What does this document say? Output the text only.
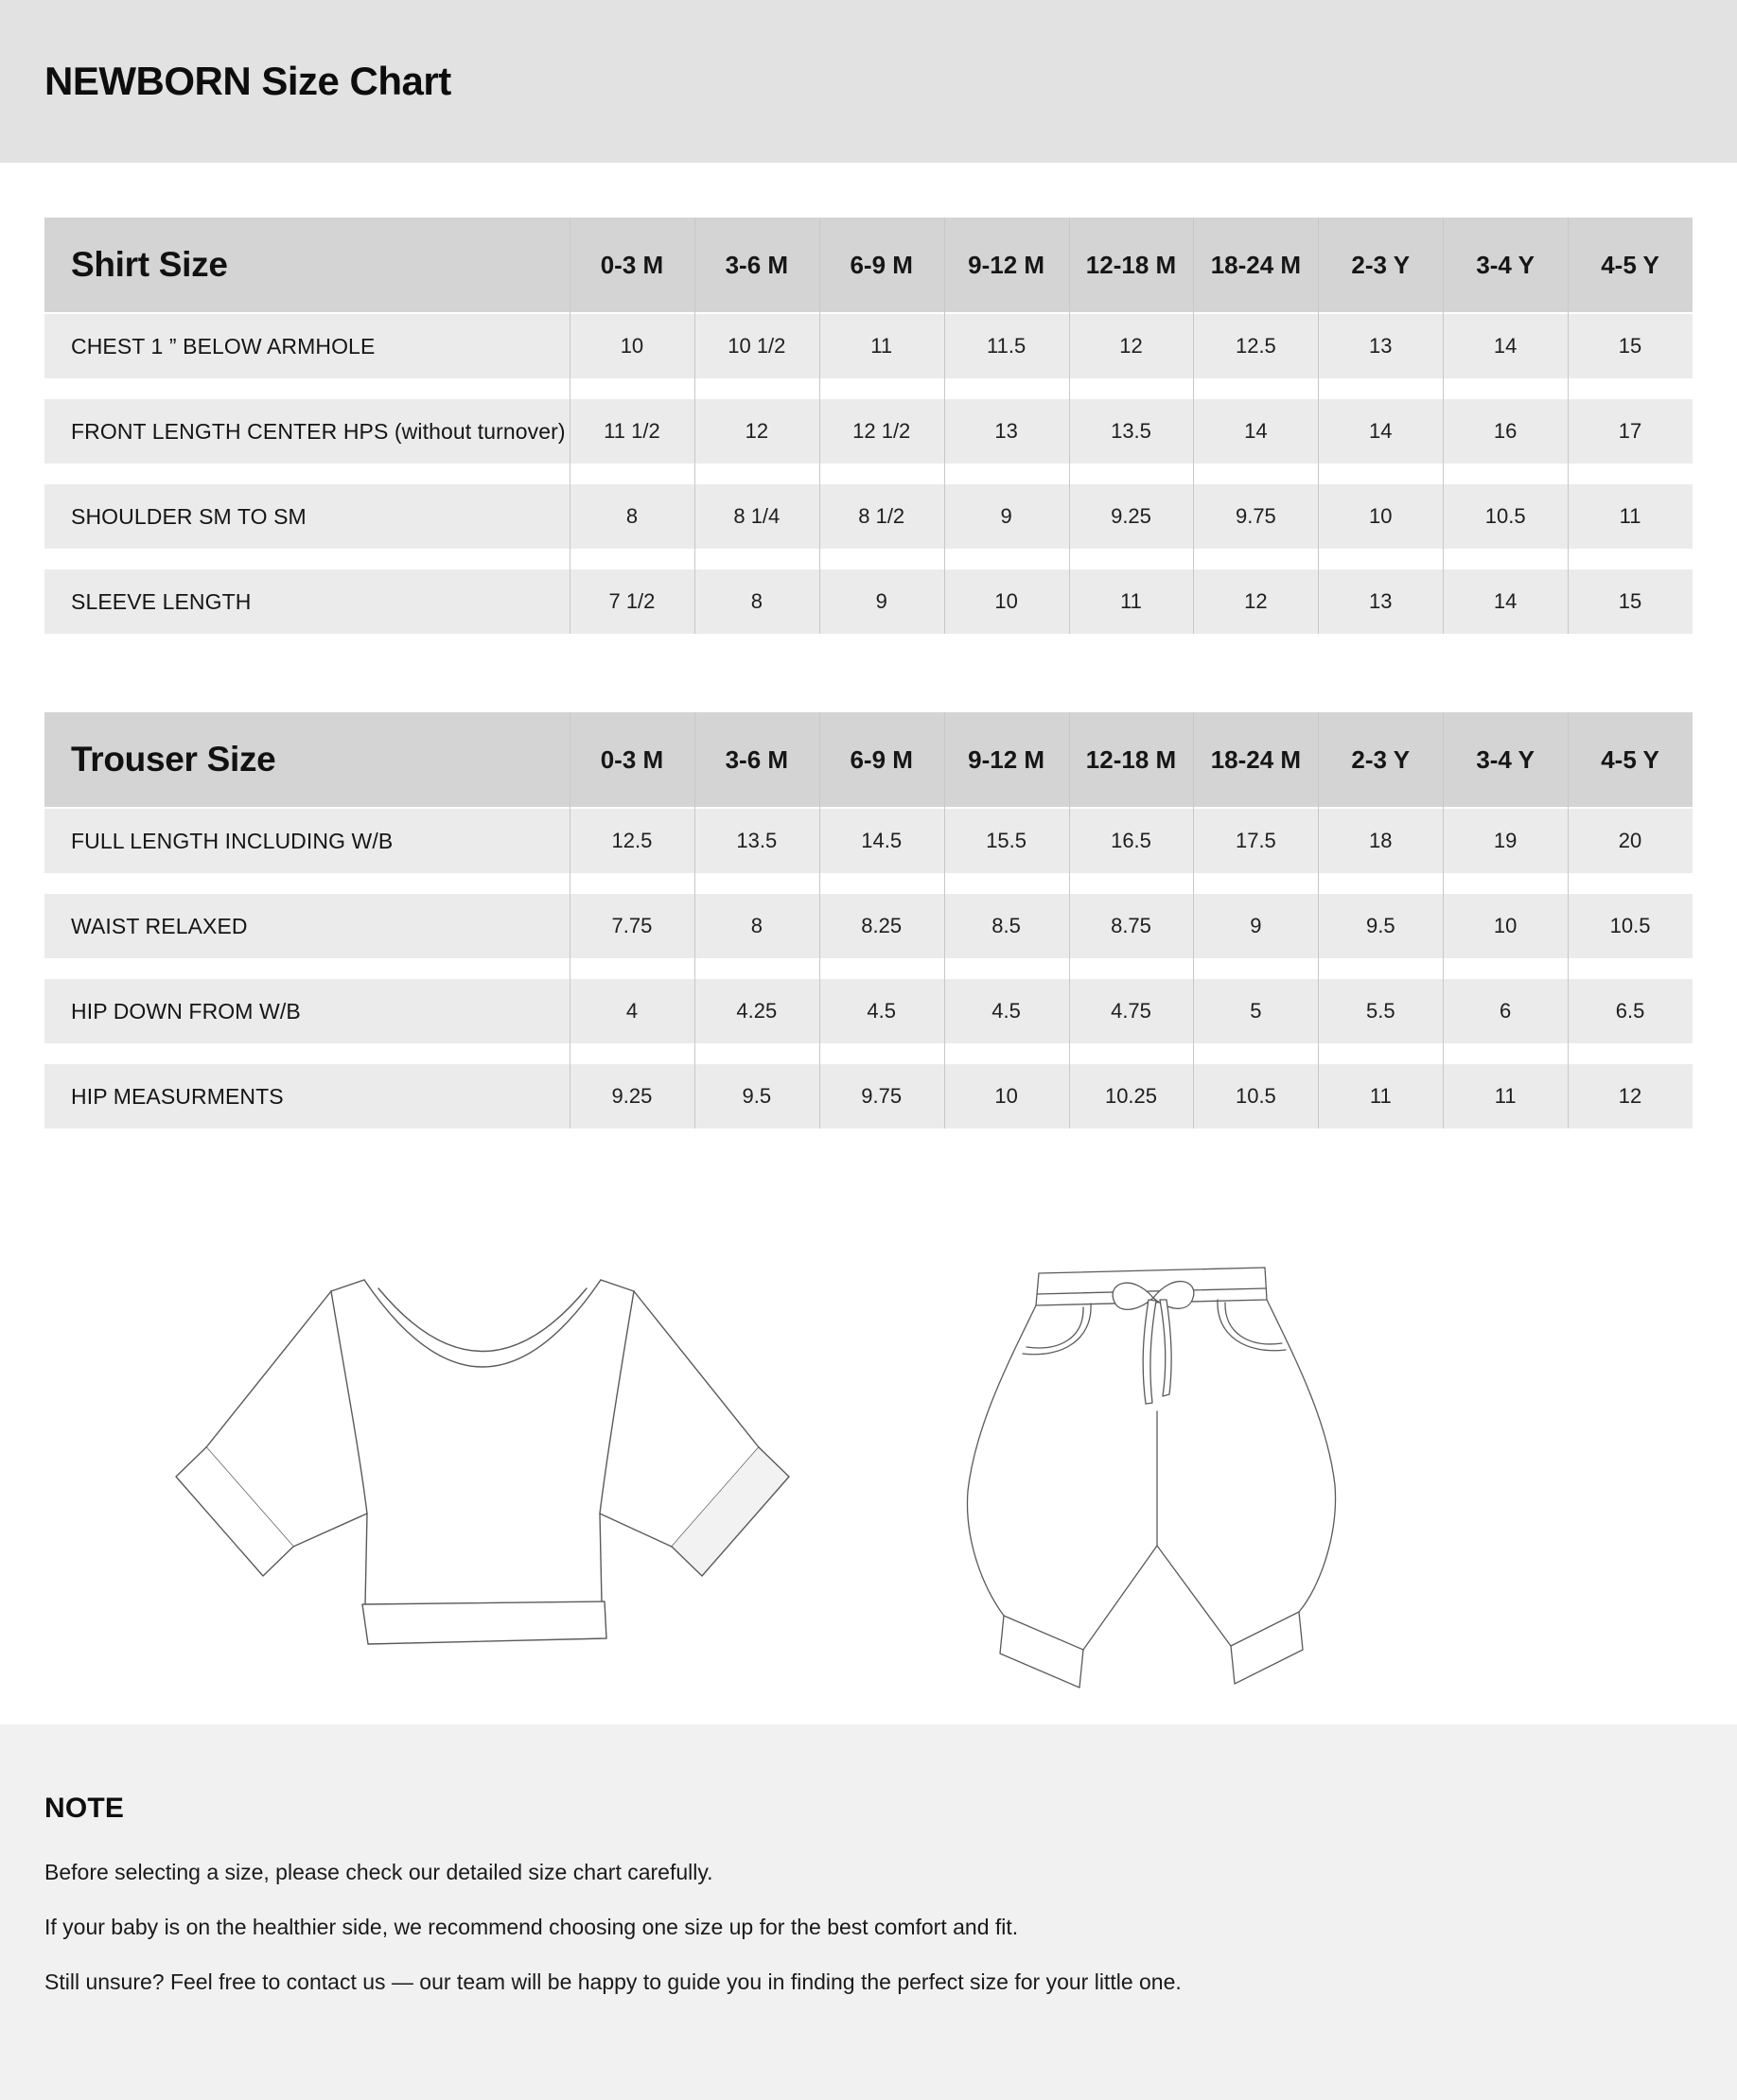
NEWBORN Size Chart
Shirt Size	0-3 M	3-6 M	6-9 M	9-12 M	12-18 M	18-24 M	2-3 Y	3-4 Y	4-5 Y
CHEST 1 ” BELOW ARMHOLE	10	10 1/2	11	11.5	12	12.5	13	14	15
FRONT LENGTH CENTER HPS (without turnover)	11 1/2	12	12 1/2	13	13.5	14	14	16	17
SHOULDER SM TO SM	8	8 1/4	8 1/2	9	9.25	9.75	10	10.5	11
SLEEVE LENGTH	7 1/2	8	9	10	11	12	13	14	15
Trouser Size	0-3 M	3-6 M	6-9 M	9-12 M	12-18 M	18-24 M	2-3 Y	3-4 Y	4-5 Y
FULL LENGTH INCLUDING W/B	12.5	13.5	14.5	15.5	16.5	17.5	18	19	20
WAIST RELAXED	7.75	8	8.25	8.5	8.75	9	9.5	10	10.5
HIP DOWN FROM W/B	4	4.25	4.5	4.5	4.75	5	5.5	6	6.5
HIP MEASURMENTS	9.25	9.5	9.75	10	10.25	10.5	11	11	12
NOTE

Before selecting a size, please check our detailed size chart carefully.

If your baby is on the healthier side, we recommend choosing one size up for the best comfort and fit.

Still unsure? Feel free to contact us — our team will be happy to guide you in finding the perfect size for your little one.
